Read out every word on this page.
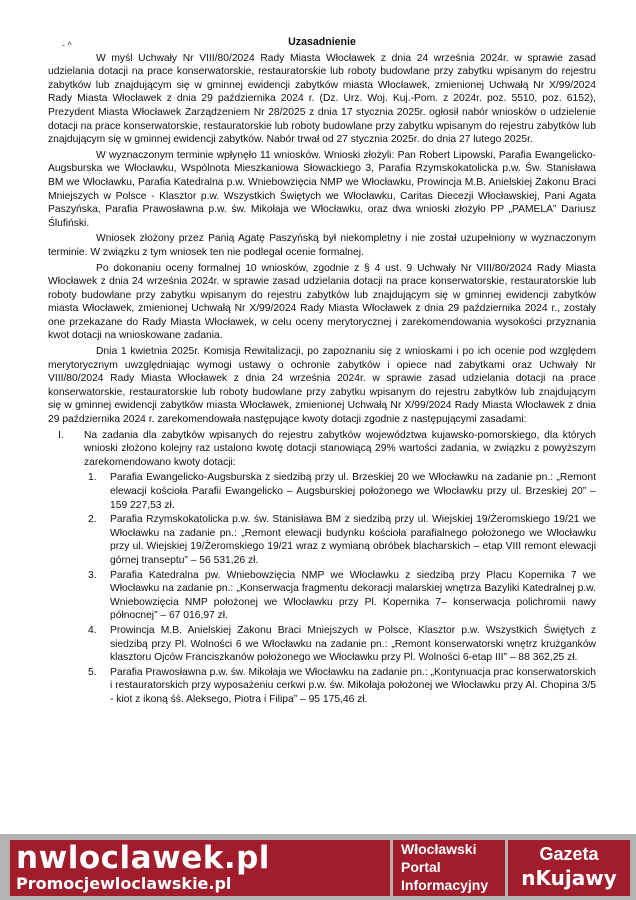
- ^	Uzasadnienie

W myśl Uchwały Nr VIII/80/2024 Rady Miasta Włocławek z dnia 24 września 2024r. w sprawie zasad udzielania dotacji na prace konserwatorskie, restauratorskie lub roboty budowlane przy zabytku wpisanym do rejestru zabytków lub znajdującym się w gminnej ewidencji zabytków miasta Włocławek, zmienionej Uchwałą Nr X/99/2024 Rady Miasta Włocławek z dnia 29 października 2024 r. (Dz. Urz. Woj. Kuj.-Pom. z 2024r. poz. 5510, poz. 6152), Prezydent Miasta Włocławek Zarządzeniem Nr 28/2025 z dnia 17 stycznia 2025r. ogłosił nabór wniosków o udzielenie dotacji na prace konserwatorskie, restauratorskie lub roboty budowlane przy zabytku wpisanym do rejestru zabytków lub znajdującym się w gminnej ewidencji zabytków. Nabór trwał od 27 stycznia 2025r. do dnia 27 lutego 2025r.

W wyznaczonym terminie wpłynęło 11 wniosków. Wnioski złożyli: Pan Robert Lipowski, Parafia Ewangelicko-Augsburska we Włocławku, Wspólnota Mieszkaniowa Słowackiego 3, Parafia Rzymskokatolicka p.w. Św. Stanisława BM we Włocławku, Parafia Katedralna p.w. Wniebowzięcia NMP we Włocławku, Prowincja M.B. Anielskiej Zakonu Braci Mniejszych w Polsce - Klasztor p.w. Wszystkich Świętych we Włocławku, Caritas Diecezji Włocławskiej, Pani Agata Paszyńska, Parafia Prawosławna p.w. św. Mikołaja we Włocławku, oraz dwa wnioski złożyło PP „PAMELA” Dariusz Ślufiński.

Wniosek złożony przez Panią Agatę Paszyńską był niekompletny i nie został uzupełniony w wyznaczonym terminie. W związku z tym wniosek ten nie podlegał ocenie formalnej.

Po dokonaniu oceny formalnej 10 wniosków, zgodnie z § 4 ust. 9 Uchwały Nr VIII/80/2024 Rady Miasta Włocławek z dnia 24 września 2024r. w sprawie zasad udzielania dotacji na prace konserwatorskie, restauratorskie lub roboty budowlane przy zabytku wpisanym do rejestru zabytków lub znajdującym się w gminnej ewidencji zabytków miasta Włocławek, zmienionej Uchwałą Nr X/99/2024 Rady Miasta Włocławek z dnia 29 października 2024 r., zostały one przekazane do Rady Miasta Włocławek, w celu oceny merytorycznej i zarekomendowania wysokości przyznania kwot dotacji na wnioskowane zadania.

Dnia 1 kwietnia 2025r. Komisja Rewitalizacji, po zapoznaniu się z wnioskami i po ich ocenie pod względem merytorycznym uwzględniając wymogi ustawy o ochronie zabytków i opiece nad zabytkami oraz Uchwały Nr VIII/80/2024 Rady Miasta Włocławek z dnia 24 września 2024r. w sprawie zasad udzielania dotacji na prace konserwatorskie, restauratorskie lub roboty budowlane przy zabytku wpisanym do rejestru zabytków lub znajdującym się w gminnej ewidencji zabytków miasta Włocławek, zmienionej Uchwałą Nr X/99/2024 Rady Miasta Włocławek z dnia 29 października 2024 r. zarekomendowała następujące kwoty dotacji zgodnie z następującymi zasadami:

I.	Na zadania dla zabytków wpisanych do rejestru zabytków województwa kujawsko-pomorskiego, dla których wnioski złożono kolejny raz ustalono kwotę dotacji stanowiącą 29% wartości zadania, w związku z powyższym zarekomendowano kwoty dotacji:
1.	Parafia Ewangelicko-Augsburska z siedzibą przy ul. Brzeskiej 20 we Włocławku na zadanie pn.: „Remont elewacji kościoła Parafii Ewangelicko – Augsburskiej położonego we Włocławku przy ul. Brzeskiej 20” – 159 227,53 zł.
2.	Parafia Rzymskokatolicka p.w. św. Stanisława BM z siedzibą przy ul. Wiejskiej 19/Żeromskiego 19/21 we Włocławku na zadanie pn.: „Remont elewacji budynku kościoła parafialnego położonego we Włocławku przy ul. Wiejskiej 19/Żeromskiego 19/21 wraz z wymianą obróbek blacharskich – etap VIII remont elewacji górnej transeptu” – 56 531,26 zł.
3.	Parafia Katedralna pw. Wniebowzięcia NMP we Włocławku z siedzibą przy Placu Kopernika 7 we Włocławku na zadanie pn.: „Konserwacja fragmentu dekoracji malarskiej wnętrza Bazyliki Katedralnej p.w. Wniebowzięcia NMP położonej we Włocławku przy Pl. Kopernika 7– konserwacja polichromii nawy północnej” – 67 016,97 zł.
4.	Prowincja M.B. Anielskiej Zakonu Braci Mniejszych w Polsce, Klasztor p.w. Wszystkich Świętych z siedzibą przy Pl. Wolności 6 we Włocławku na zadanie pn.: „Remont konserwatorski wnętrz krużganków klasztoru Ojców Franciszkanów położonego we Włocławku przy Pl. Wolności 6-etap III” – 88 362,25 zł.
5.	Parafia Prawosławna p.w. św. Mikołaja we Włocławku na zadanie pn.: „Kontynuacja prac konserwatorskich i restauratorskich przy wyposażeniu cerkwi p.w. św. Mikołaja położonej we Włocławku przy Al. Chopina 3/5 - kiot z ikoną śś. Aleksego, Piotra i Filipa” – 95 175,46 zł.
nwloclawek.pl
Promocjewloclawskie.pl
Włocławski
Portal
Informacyjny
Gazeta
nKujawy
